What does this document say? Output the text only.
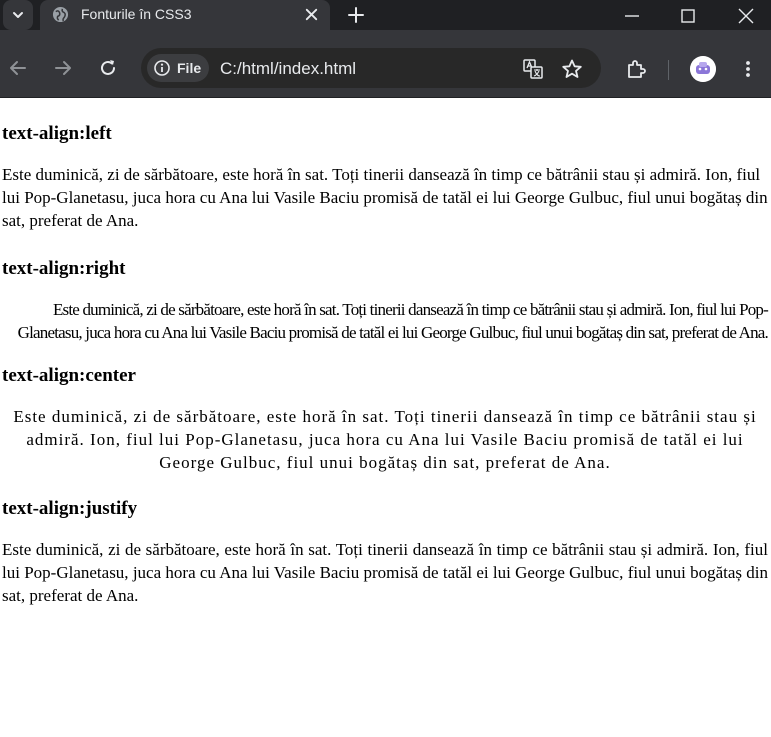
Fonturile în CSS3
File C:/html/index.html
text-align:left

Este duminică, zi de sărbătoare, este horă în sat. Toți tinerii dansează în timp ce bătrânii stau și admiră. Ion, fiul lui Pop-Glanetasu, juca hora cu Ana lui Vasile Baciu promisă de tatăl ei lui George Gulbuc, fiul unui bogătaș din sat, preferat de Ana.

text-align:right

Este duminică, zi de sărbătoare, este horă în sat. Toți tinerii dansează în timp ce bătrânii stau și admiră. Ion, fiul lui Pop-Glanetasu, juca hora cu Ana lui Vasile Baciu promisă de tatăl ei lui George Gulbuc, fiul unui bogătaș din sat, preferat de Ana.

text-align:center

Este duminică, zi de sărbătoare, este horă în sat. Toți tinerii dansează în timp ce bătrânii stau și admiră. Ion, fiul lui Pop-Glanetasu, juca hora cu Ana lui Vasile Baciu promisă de tatăl ei lui George Gulbuc, fiul unui bogătaș din sat, preferat de Ana.

text-align:justify

Este duminică, zi de sărbătoare, este horă în sat. Toți tinerii dansează în timp ce bătrânii stau și admiră. Ion, fiul lui Pop-Glanetasu, juca hora cu Ana lui Vasile Baciu promisă de tatăl ei lui George Gulbuc, fiul unui bogătaș din sat, preferat de Ana.
